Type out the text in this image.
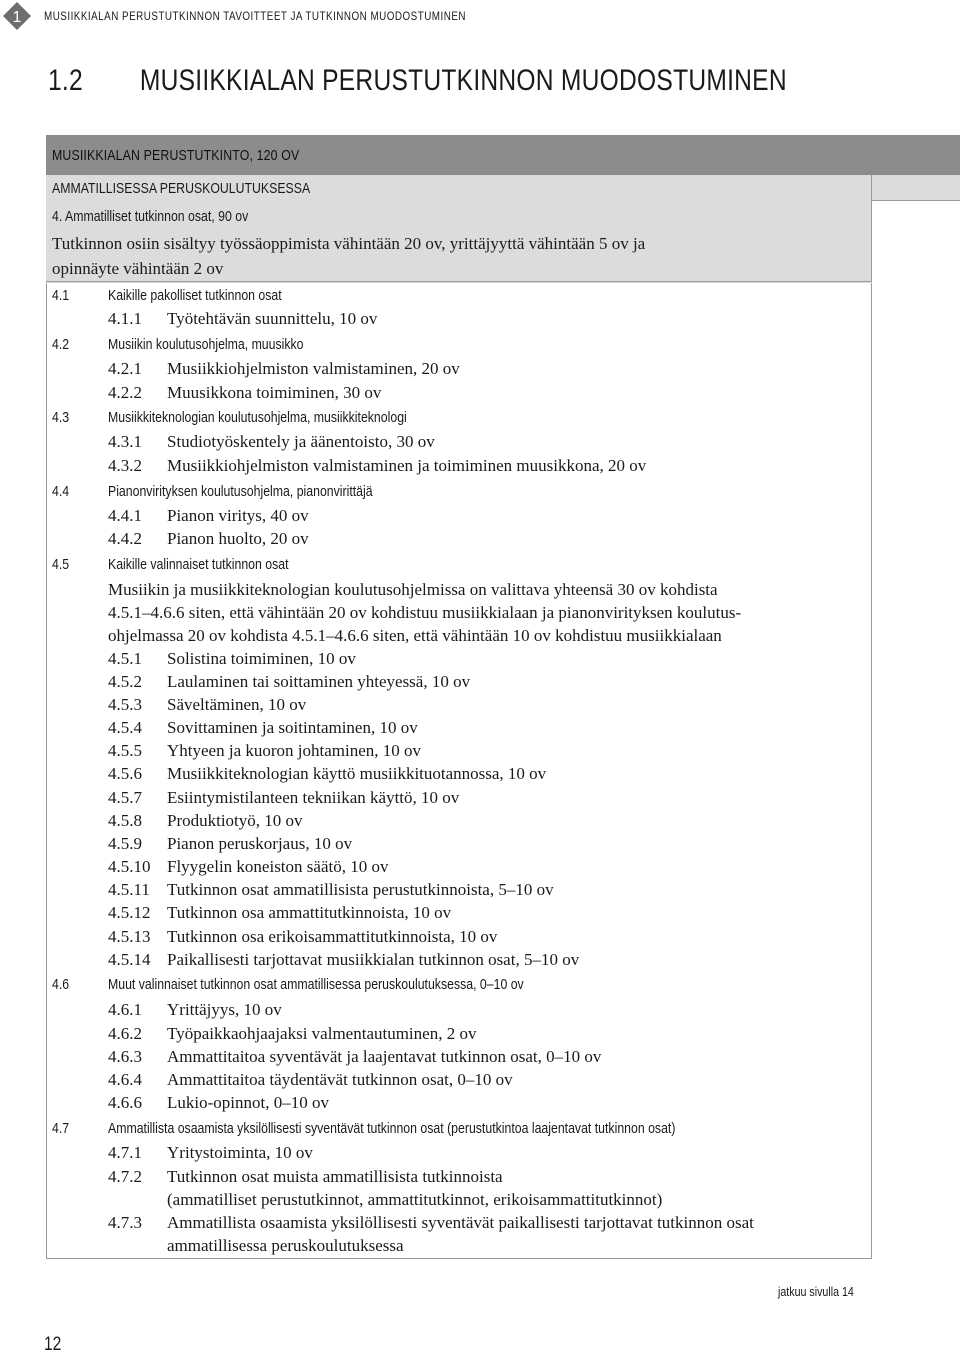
1 MUSIIKKIALAN PERUSTUTKINNON TAVOITTEET JA TUTKINNON MUODOSTUMINEN
1.2 MUSIIKKIALAN PERUSTUTKINNON MUODOSTUMINEN
MUSIIKKIALAN PERUSTUTKINTO, 120 OV
AMMATILLISESSA PERUSKOULUTUKSESSA
4. Ammatilliset tutkinnon osat, 90 ov
Tutkinnon osiin sisältyy työssäoppimista vähintään 20 ov, yrittäjyyttä vähintään 5 ov ja
opinnäyte vähintään 2 ov
4.1	Kaikille pakolliset tutkinnon osat
4.1.1 Työtehtävän suunnittelu, 10 ov
4.2	Musiikin koulutusohjelma, muusikko
4.2.1 Musiikkiohjelmiston valmistaminen, 20 ov
4.2.2 Muusikkona toimiminen, 30 ov
4.3	Musiikkiteknologian koulutusohjelma, musiikkiteknologi
4.3.1 Studiotyöskentely ja äänentoisto, 30 ov
4.3.2 Musiikkiohjelmiston valmistaminen ja toimiminen muusikkona, 20 ov
4.4	Pianonvirityksen koulutusohjelma, pianonvirittäjä
4.4.1 Pianon viritys, 40 ov
4.4.2 Pianon huolto, 20 ov
4.5	Kaikille valinnaiset tutkinnon osat
Musiikin ja musiikkiteknologian koulutusohjelmissa on valittava yhteensä 30 ov kohdista
4.5.1–4.6.6 siten, että vähintään 20 ov kohdistuu musiikkialaan ja pianonvirityksen koulutus-
ohjelmassa 20 ov kohdista 4.5.1–4.6.6 siten, että vähintään 10 ov kohdistuu musiikkialaan
4.5.1 Solistina toimiminen, 10 ov
4.5.2 Laulaminen tai soittaminen yhteyessä, 10 ov
4.5.3 Säveltäminen, 10 ov
4.5.4 Sovittaminen ja soitintaminen, 10 ov
4.5.5 Yhtyeen ja kuoron johtaminen, 10 ov
4.5.6 Musiikkiteknologian käyttö musiikkituotannossa, 10 ov
4.5.7 Esiintymistilanteen tekniikan käyttö, 10 ov
4.5.8 Produktiotyö, 10 ov
4.5.9 Pianon peruskorjaus, 10 ov
4.5.10 Flyygelin koneiston säätö, 10 ov
4.5.11 Tutkinnon osat ammatillisista perustutkinnoista, 5–10 ov
4.5.12 Tutkinnon osa ammattitutkinnoista, 10 ov
4.5.13 Tutkinnon osa erikoisammattitutkinnoista, 10 ov
4.5.14 Paikallisesti tarjottavat musiikkialan tutkinnon osat, 5–10 ov
4.6	Muut valinnaiset tutkinnon osat ammatillisessa peruskoulutuksessa, 0–10 ov
4.6.1 Yrittäjyys, 10 ov
4.6.2 Työpaikkaohjaajaksi valmentautuminen, 2 ov
4.6.3 Ammattitaitoa syventävät ja laajentavat tutkinnon osat, 0–10 ov
4.6.4 Ammattitaitoa täydentävät tutkinnon osat, 0–10 ov
4.6.6 Lukio-opinnot, 0–10 ov
4.7	Ammatillista osaamista yksilöllisesti syventävät tutkinnon osat (perustutkintoa laajentavat tutkinnon osat)
4.7.1 Yritystoiminta, 10 ov
4.7.2 Tutkinnon osat muista ammatillisista tutkinnoista
(ammatilliset perustutkinnot, ammattitutkinnot, erikoisammattitutkinnot)
4.7.3 Ammatillista osaamista yksilöllisesti syventävät paikallisesti tarjottavat tutkinnon osat
ammatillisessa peruskoulutuksessa
jatkuu sivulla 14
12
